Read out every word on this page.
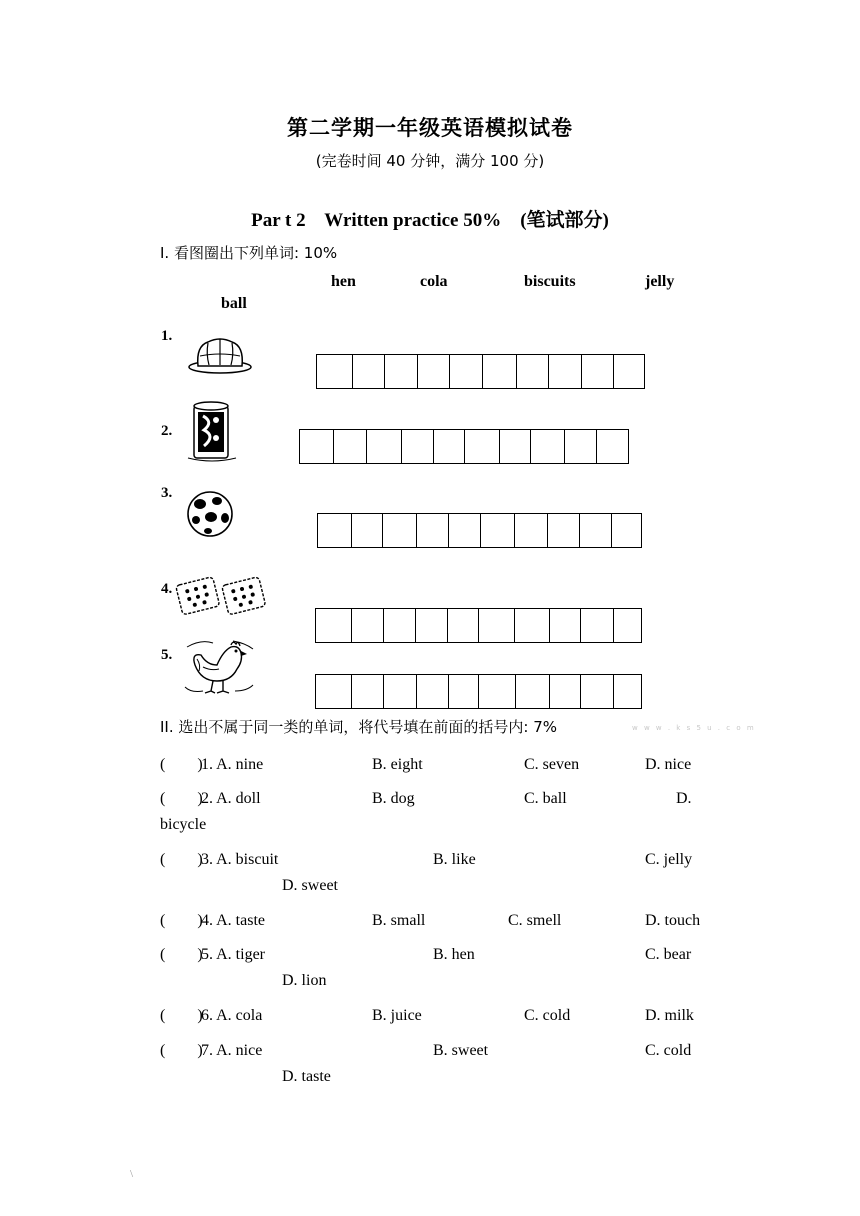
第二学期一年级英语模拟试卷
(完卷时间 40 分钟，满分 100 分)
Par t 2    Written practice 50%    (笔试部分)
I. 看图圈出下列单词: 10%
hen	cola	biscuits	jelly
ball
1.
2.
3.
4.
5.
II. 选出不属于同一类的单词，将代号填在前面的括号内: 7%	w w w . k s 5 u . c o m
(        )
1. A. nine	B. eight	C. seven	D. nice
(        )
2. A. doll	B. dog	C. ball	D.
bicycle
(        )
3. A. biscuit	B. like	C. jelly
D. sweet
(        )
4. A. taste	B. small	C. smell	D. touch
(        )
5. A. tiger	B. hen	C. bear
D. lion
(        )
6. A. cola	B. juice	C. cold	D. milk
(        )
7. A. nice	B. sweet	C. cold
D. taste
\
